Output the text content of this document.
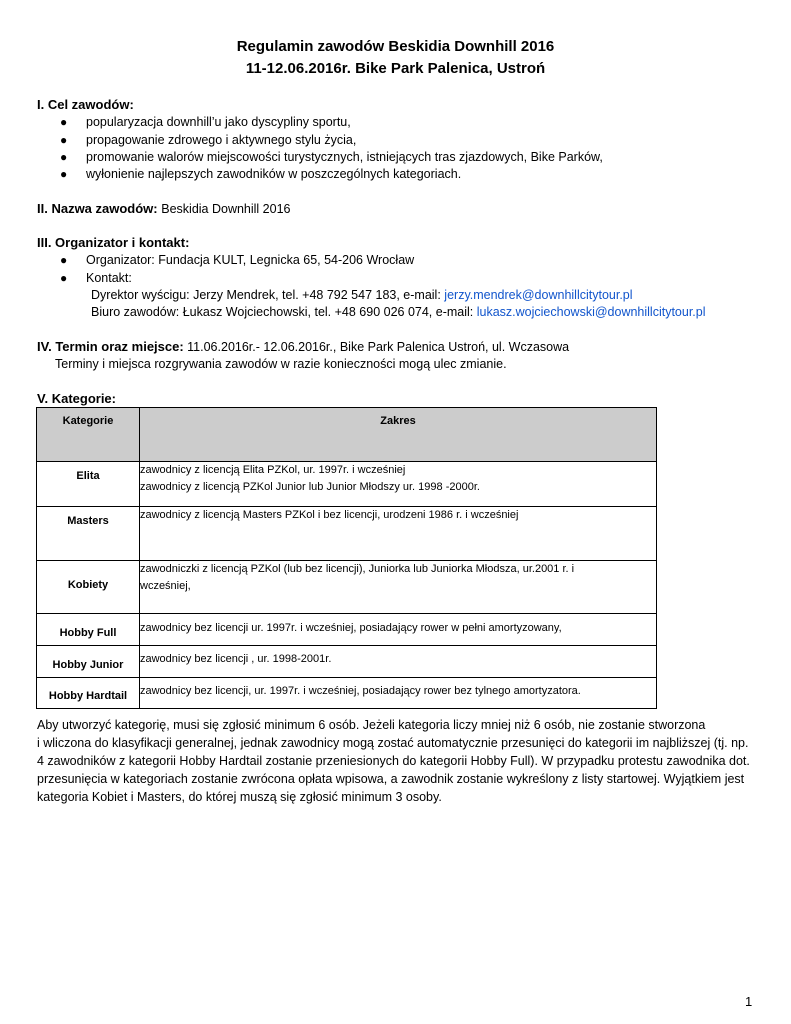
Regulamin zawodów Beskidia Downhill 2016
11-12.06.2016r. Bike Park Palenica, Ustroń
I. Cel zawodów:
● popularyzacja downhill’u jako dyscypliny sportu,
● propagowanie zdrowego i aktywnego stylu życia,
● promowanie walorów miejscowości turystycznych, istniejących tras zjazdowych, Bike Parków,
● wyłonienie najlepszych zawodników w poszczególnych kategoriach.
II. Nazwa zawodów: Beskidia Downhill 2016
III. Organizator i kontakt:
● Organizator: Fundacja KULT, Legnicka 65, 54-206 Wrocław
● Kontakt:
Dyrektor wyścigu: Jerzy Mendrek, tel. +48 792 547 183, e-mail: jerzy.mendrek@downhillcitytour.pl
Biuro zawodów: Łukasz Wojciechowski, tel. +48 690 026 074, e-mail: lukasz.wojciechowski@downhillcitytour.pl
IV. Termin oraz miejsce: 11.06.2016r.- 12.06.2016r., Bike Park Palenica Ustroń, ul. Wczasowa
Terminy i miejsca rozgrywania zawodów w razie konieczności mogą ulec zmianie.
V. Kategorie:
Kategorie	Zakres
Elita	zawodnicy z licencją Elita PZKol, ur. 1997r. i wcześniej
zawodnicy z licencją PZKol Junior lub Junior Młodszy ur. 1998 -2000r.

Masters	zawodnicy z licencją Masters PZKol i bez licencji, urodzeni 1986 r. i wcześniej

Kobiety	zawodniczki z licencją PZKol (lub bez licencji), Juniorka lub Juniorka Młodsza, ur.2001 r. i
wcześniej,

Hobby Full	zawodnicy bez licencji ur. 1997r. i wcześniej, posiadający rower w pełni amortyzowany,

Hobby Junior	zawodnicy bez licencji , ur. 1998-2001r.

Hobby Hardtail	zawodnicy bez licencji, ur. 1997r. i wcześniej, posiadający rower bez tylnego amortyzatora.
Aby utworzyć kategorię, musi się zgłosić minimum 6 osób. Jeżeli kategoria liczy mniej niż 6 osób, nie zostanie stworzona
i wliczona do klasyfikacji generalnej, jednak zawodnicy mogą zostać automatycznie przesunięci do kategorii im najbliższej (tj. np.
4 zawodników z kategorii Hobby Hardtail zostanie przeniesionych do kategorii Hobby Full). W przypadku protestu zawodnika dot.
przesunięcia w kategoriach zostanie zwrócona opłata wpisowa, a zawodnik zostanie wykreślony z listy startowej. Wyjątkiem jest
kategoria Kobiet i Masters, do której muszą się zgłosić minimum 3 osoby.
1
